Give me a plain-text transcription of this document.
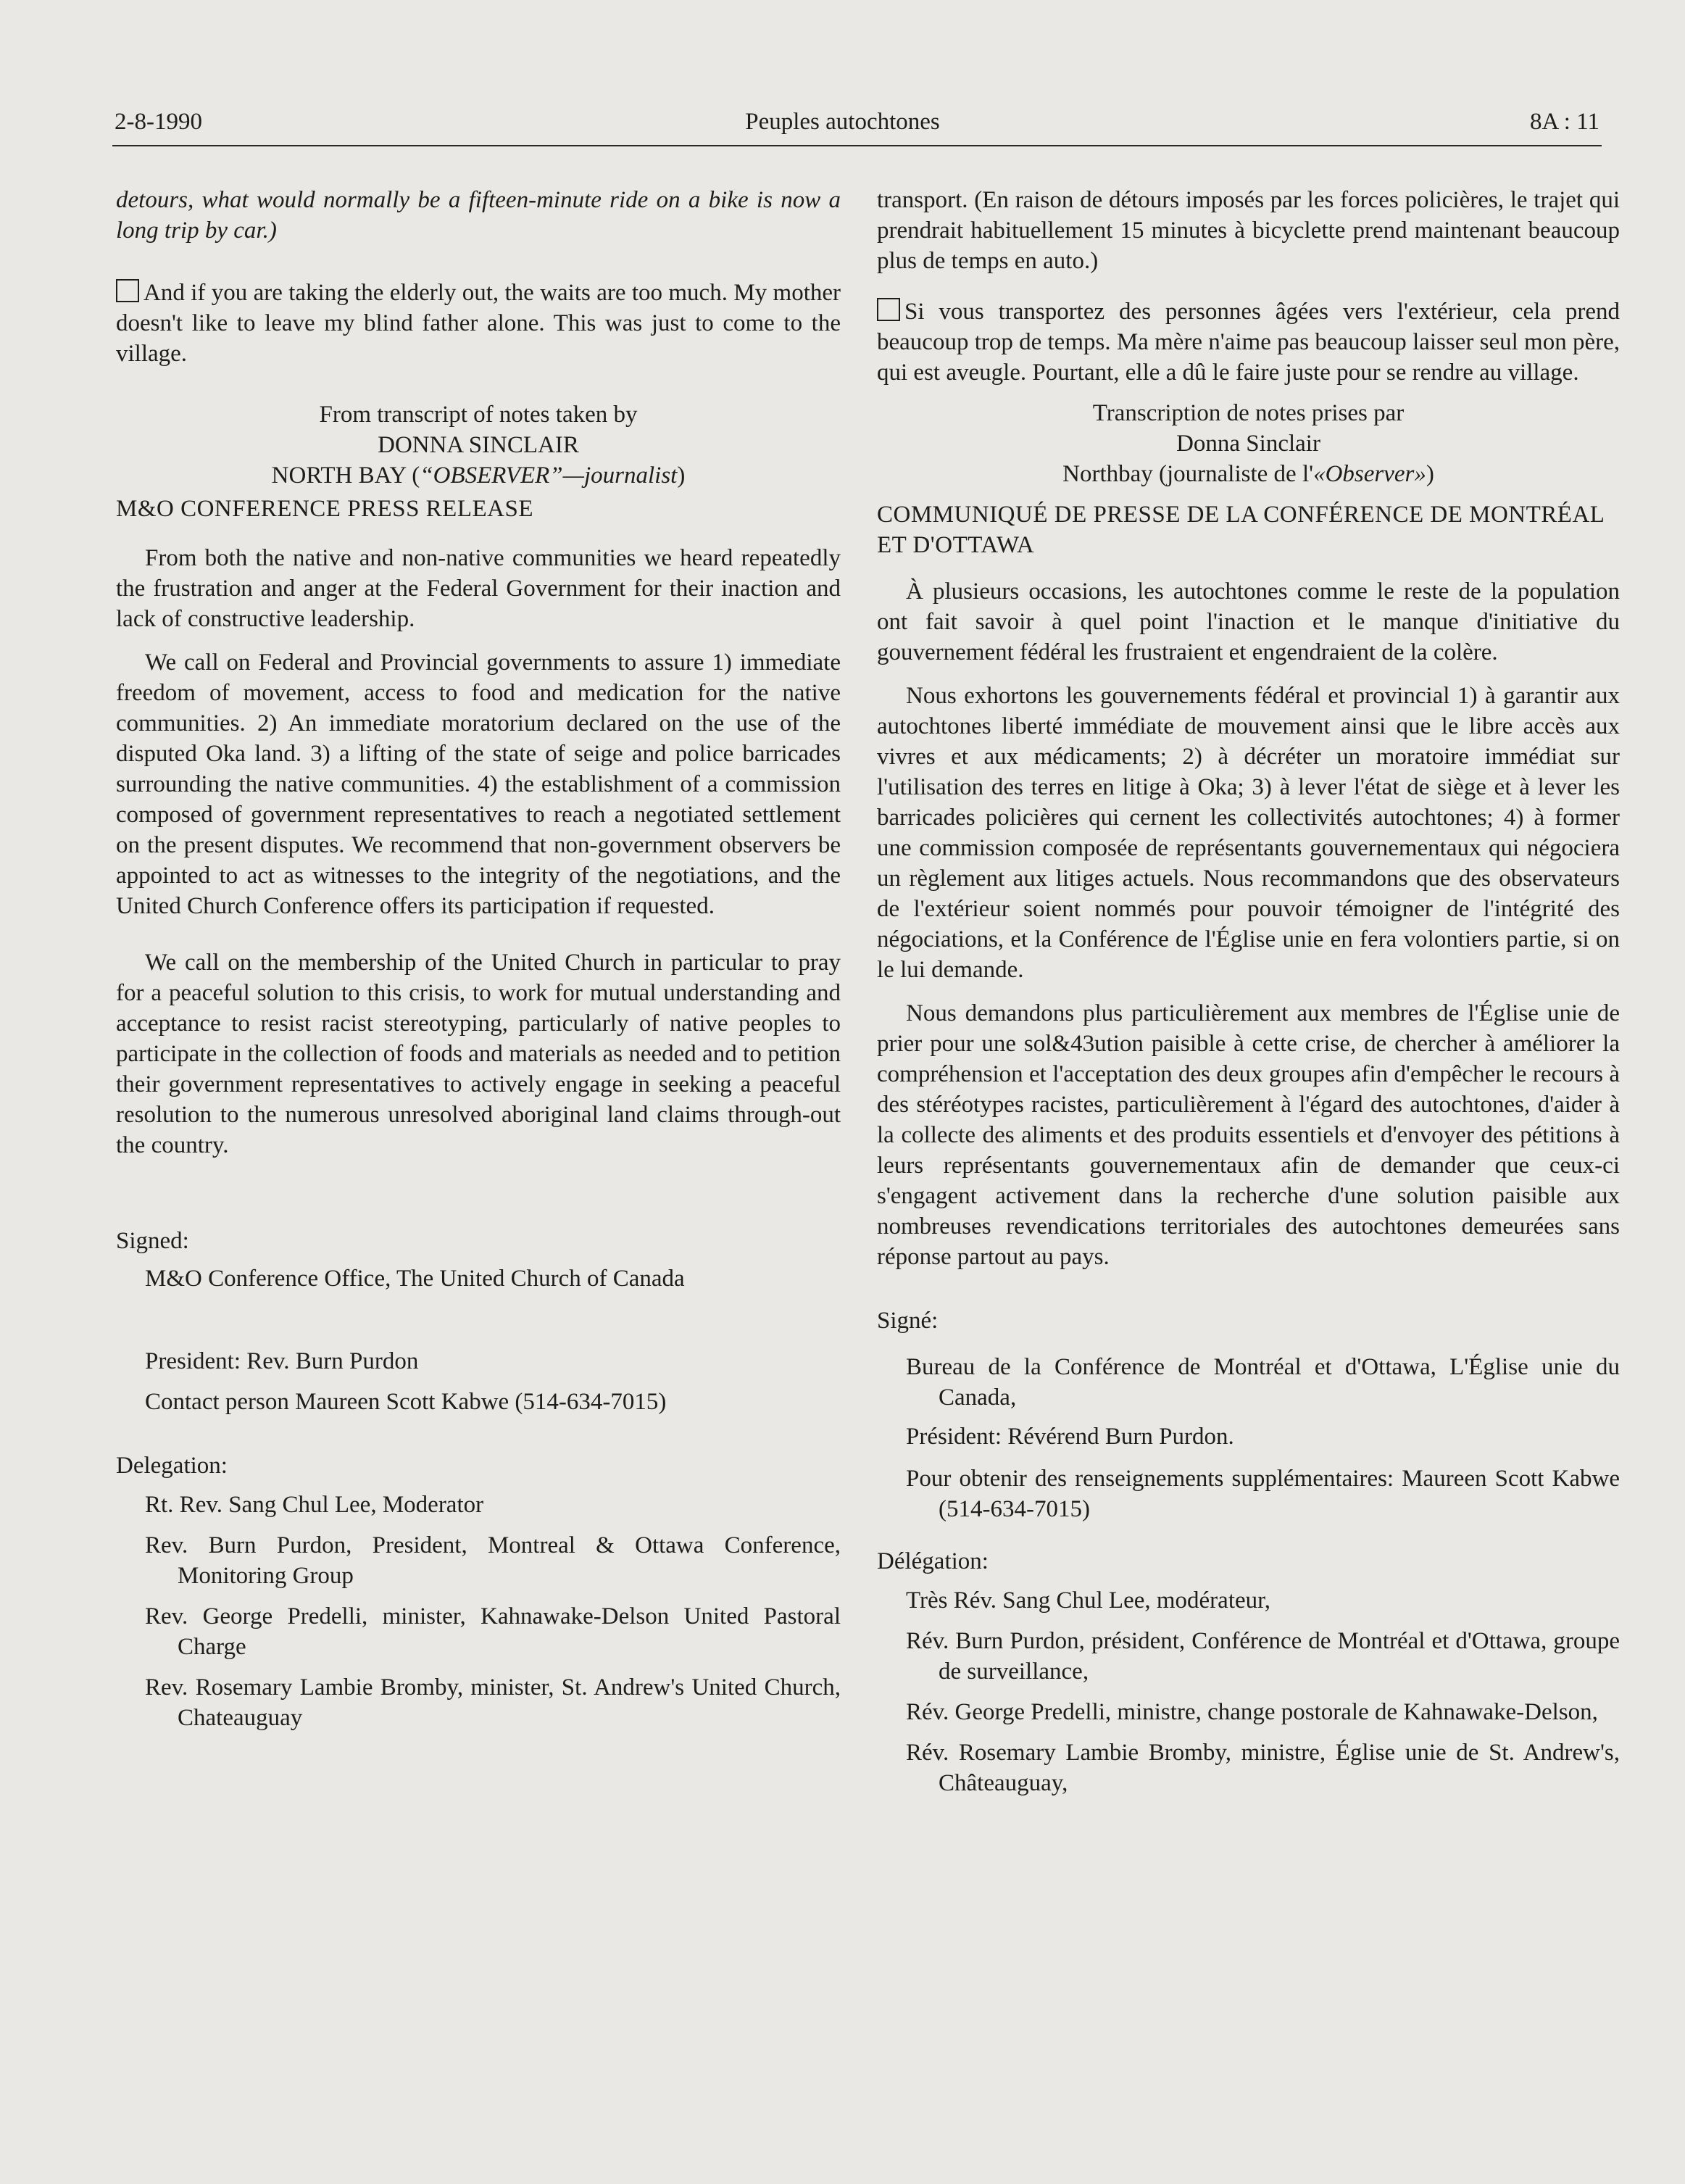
2-8-1990	Peuples autochtones	8A : 11

detours, what would normally be a fifteen-minute ride on a bike is now a long trip by car.)

And if you are taking the elderly out, the waits are too much. My mother doesn't like to leave my blind father alone. This was just to come to the village.

From transcript of notes taken by

DONNA SINCLAIR

NORTH BAY (“OBSERVER”—journalist)

M&O CONFERENCE PRESS RELEASE

From both the native and non-native communities we heard repeatedly the frustration and anger at the Federal Government for their inaction and lack of constructive leadership.

We call on Federal and Provincial governments to assure 1) immediate freedom of movement, access to food and medication for the native communities. 2) An immediate moratorium declared on the use of the disputed Oka land. 3) a lifting of the state of seige and police barricades surrounding the native communities. 4) the establishment of a commission composed of government representatives to reach a negotiated settlement on the present disputes. We recommend that non-government observers be appointed to act as witnesses to the integrity of the negotiations, and the United Church Conference offers its participation if requested.

We call on the membership of the United Church in particular to pray for a peaceful solution to this crisis, to work for mutual understanding and acceptance to resist racist stereotyping, particularly of native peoples to participate in the collection of foods and materials as needed and to petition their government representatives to actively engage in seeking a peaceful resolution to the numerous unresolved aboriginal land claims through-out the country.

Signed:

M&O Conference Office, The United Church of Canada

President: Rev. Burn Purdon

Contact person Maureen Scott Kabwe (514-634-7015)

Delegation:

Rt. Rev. Sang Chul Lee, Moderator

Rev. Burn Purdon, President, Montreal & Ottawa Conference, Monitoring Group

Rev. George Predelli, minister, Kahnawake-Delson United Pastoral Charge

Rev. Rosemary Lambie Bromby, minister, St. Andrew's United Church, Chateauguay

transport. (En raison de détours imposés par les forces policières, le trajet qui prendrait habituellement 15 minutes à bicyclette prend maintenant beaucoup plus de temps en auto.)

Si vous transportez des personnes âgées vers l'extérieur, cela prend beaucoup trop de temps. Ma mère n'aime pas beaucoup laisser seul mon père, qui est aveugle. Pourtant, elle a dû le faire juste pour se rendre au village.

Transcription de notes prises par

Donna Sinclair

Northbay (journaliste de l'«Observer»)

COMMUNIQUÉ DE PRESSE DE LA CONFÉRENCE DE MONTRÉAL ET D'OTTAWA

À plusieurs occasions, les autochtones comme le reste de la population ont fait savoir à quel point l'inaction et le manque d'initiative du gouvernement fédéral les frustraient et engendraient de la colère.

Nous exhortons les gouvernements fédéral et provincial 1) à garantir aux autochtones liberté immédiate de mouvement ainsi que le libre accès aux vivres et aux médicaments; 2) à décréter un moratoire immédiat sur l'utilisation des terres en litige à Oka; 3) à lever l'état de siège et à lever les barricades policières qui cernent les collectivités autochtones; 4) à former une commission composée de représentants gouvernementaux qui négociera un règlement aux litiges actuels. Nous recommandons que des observateurs de l'extérieur soient nommés pour pouvoir témoigner de l'intégrité des négociations, et la Conférence de l'Église unie en fera volontiers partie, si on le lui demande.

Nous demandons plus particulièrement aux membres de l'Église unie de prier pour une sol&43ution paisible à cette crise, de chercher à améliorer la compréhension et l'acceptation des deux groupes afin d'empêcher le recours à des stéréotypes racistes, particulièrement à l'égard des autochtones, d'aider à la collecte des aliments et des produits essentiels et d'envoyer des pétitions à leurs représentants gouvernementaux afin de demander que ceux-ci s'engagent activement dans la recherche d'une solution paisible aux nombreuses revendications territoriales des autochtones demeurées sans réponse partout au pays.

Signé:

Bureau de la Conférence de Montréal et d'Ottawa, L'Église unie du Canada,

Président: Révérend Burn Purdon.

Pour obtenir des renseignements supplémentaires: Maureen Scott Kabwe (514-634-7015)

Délégation:

Très Rév. Sang Chul Lee, modérateur,

Rév. Burn Purdon, président, Conférence de Montréal et d'Ottawa, groupe de surveillance,

Rév. George Predelli, ministre, change postorale de Kahnawake-Delson,

Rév. Rosemary Lambie Bromby, ministre, Église unie de St. Andrew's, Châteauguay,
